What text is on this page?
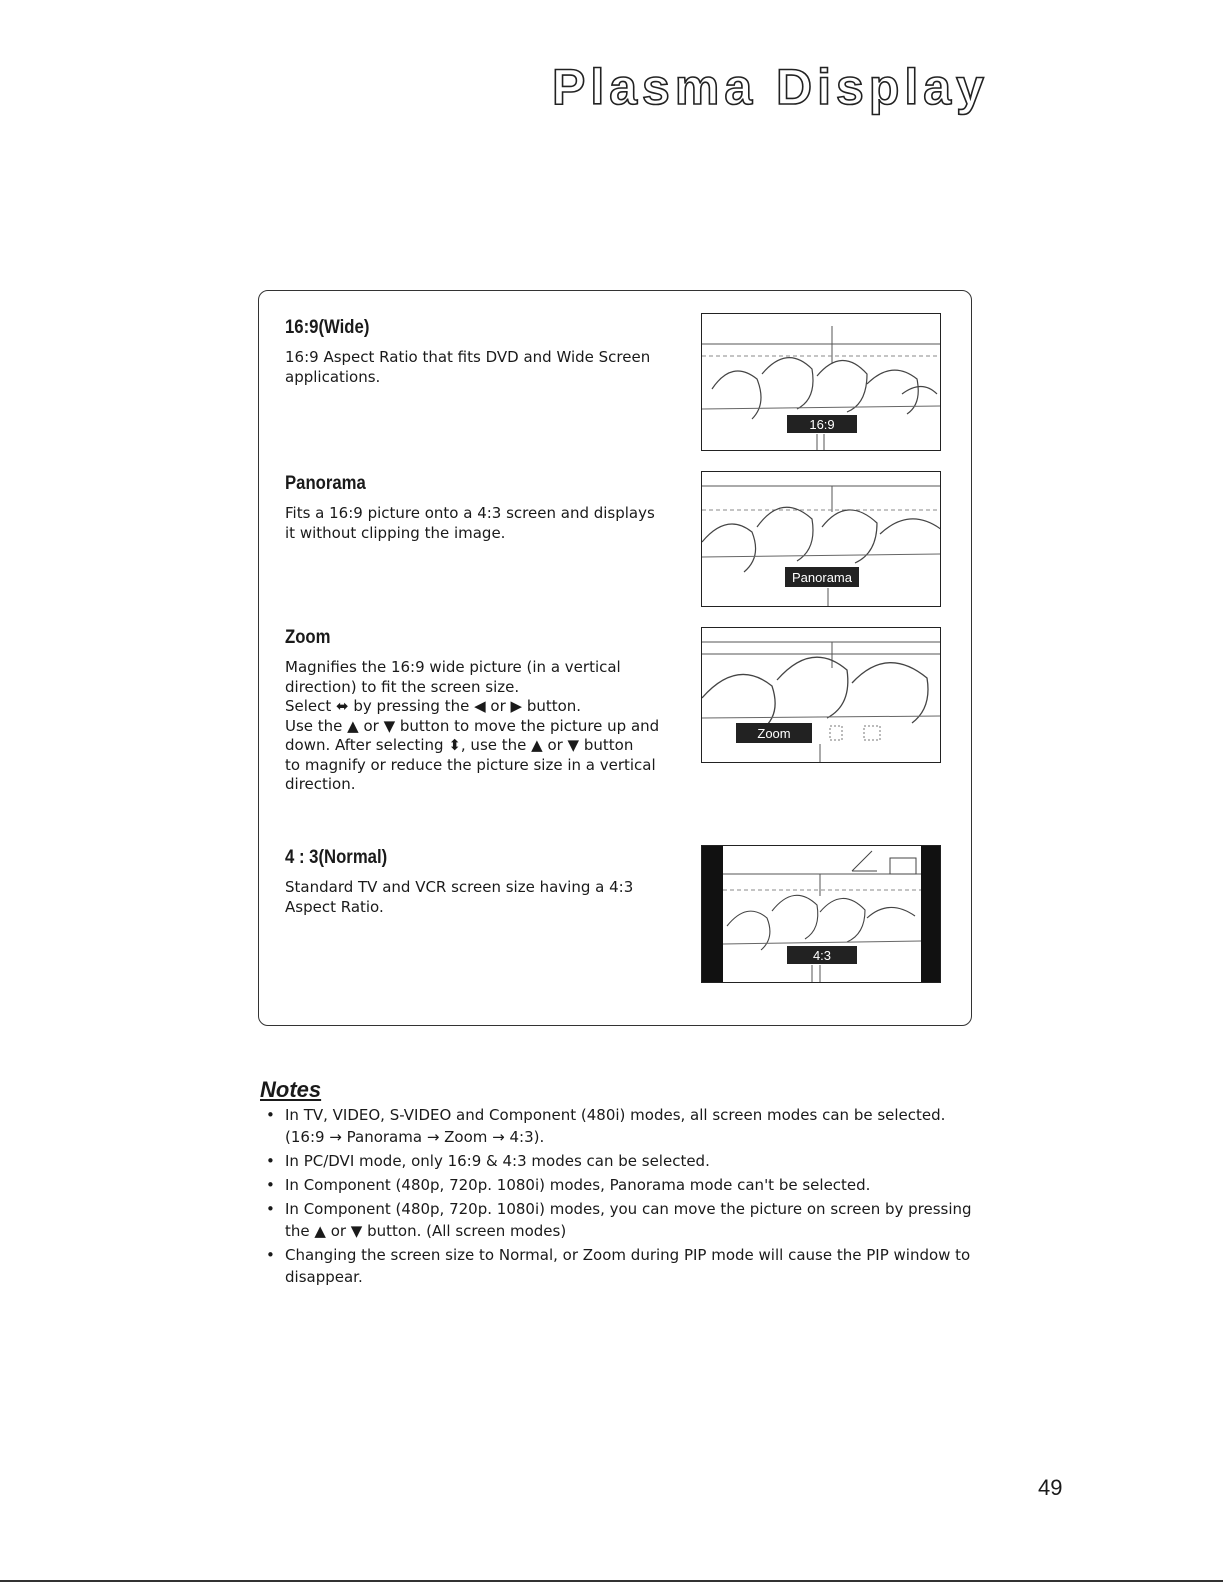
Plasma Display
16:9(Wide)

16:9 Aspect Ratio that fits DVD and Wide Screen

applications.

16:9
Panorama

Fits a 16:9 picture onto a 4:3 screen and displays

it without clipping the image.

Panorama
Zoom

Magnifies the 16:9 wide picture (in a vertical

direction) to fit the screen size.

Select ⬌ by pressing the ◀ or ▶ button.

Use the ▲ or ▼ button to move the picture up and

down. After selecting ⬍, use the ▲ or ▼ button

to magnify or reduce the picture size in a vertical

direction.

Zoom
4 : 3(Normal)

Standard TV and VCR screen size having a 4:3

Aspect Ratio.

4:3
Notes
• In TV, VIDEO, S-VIDEO and Component (480i) modes, all screen modes can be selected.
(16:9 → Panorama → Zoom → 4:3).
• In PC/DVI mode, only 16:9 & 4:3 modes can be selected.
• In Component (480p, 720p. 1080i) modes, Panorama mode can't be selected.
• In Component (480p, 720p. 1080i) modes, you can move the picture on screen by pressing
the ▲ or ▼ button. (All screen modes)
• Changing the screen size to Normal, or Zoom during PIP mode will cause the PIP window to
disappear.
49
